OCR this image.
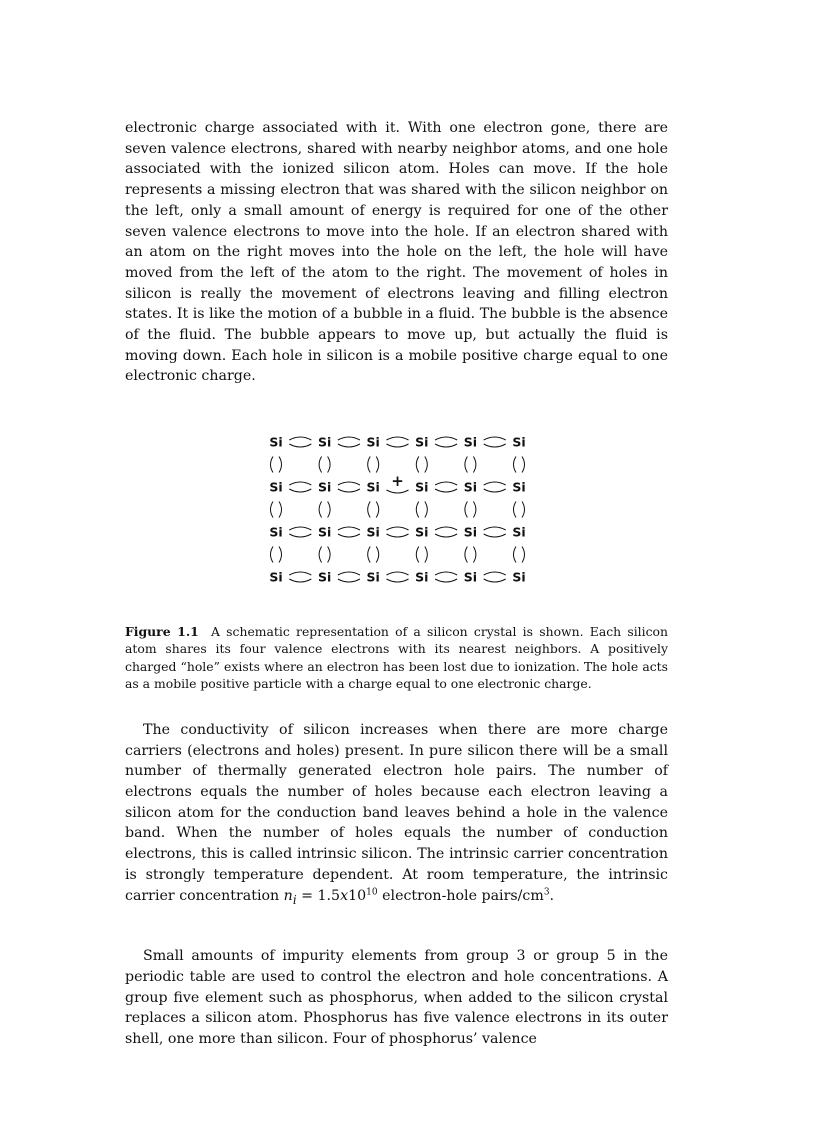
electronic charge associated with it. With one electron gone, there are seven valence electrons, shared with nearby neighbor atoms, and one hole associated with the ionized silicon atom. Holes can move. If the hole represents a missing electron that was shared with the silicon neighbor on the left, only a small amount of energy is required for one of the other seven valence electrons to move into the hole. If an electron shared with an atom on the right moves into the hole on the left, the hole will have moved from the left of the atom to the right. The movement of holes in silicon is really the movement of electrons leaving and filling electron states. It is like the motion of a bubble in a fluid. The bubble is the absence of the fluid. The bubble appears to move up, but actually the fluid is moving down. Each hole in silicon is a mobile positive charge equal to one electronic charge.

Si	Si	Si	Si	Si	Si
Si	Si	Si + Si	Si	Si
Si	Si	Si	Si	Si	Si
Si	Si	Si	Si	Si	Si

Figure 1.1 A schematic representation of a silicon crystal is shown. Each silicon atom shares its four valence electrons with its nearest neighbors. A positively charged “hole” exists where an electron has been lost due to ionization. The hole acts as a mobile positive particle with a charge equal to one electronic charge.

The conductivity of silicon increases when there are more charge carriers (electrons and holes) present. In pure silicon there will be a small number of thermally generated electron hole pairs. The number of electrons equals the number of holes because each electron leaving a silicon atom for the conduction band leaves behind a hole in the valence band. When the number of holes equals the number of conduction electrons, this is called intrinsic silicon. The intrinsic carrier concentration is strongly temperature dependent. At room temperature, the intrinsic carrier concentration $n_i = 1.5x10^{10}$ electron-hole pairs/$cm^3$.

Small amounts of impurity elements from group 3 or group 5 in the periodic table are used to control the electron and hole concentrations. A group five element such as phosphorus, when added to the silicon crystal replaces a silicon atom. Phosphorus has five valence electrons in its outer shell, one more than silicon. Four of phosphorus’ valence
